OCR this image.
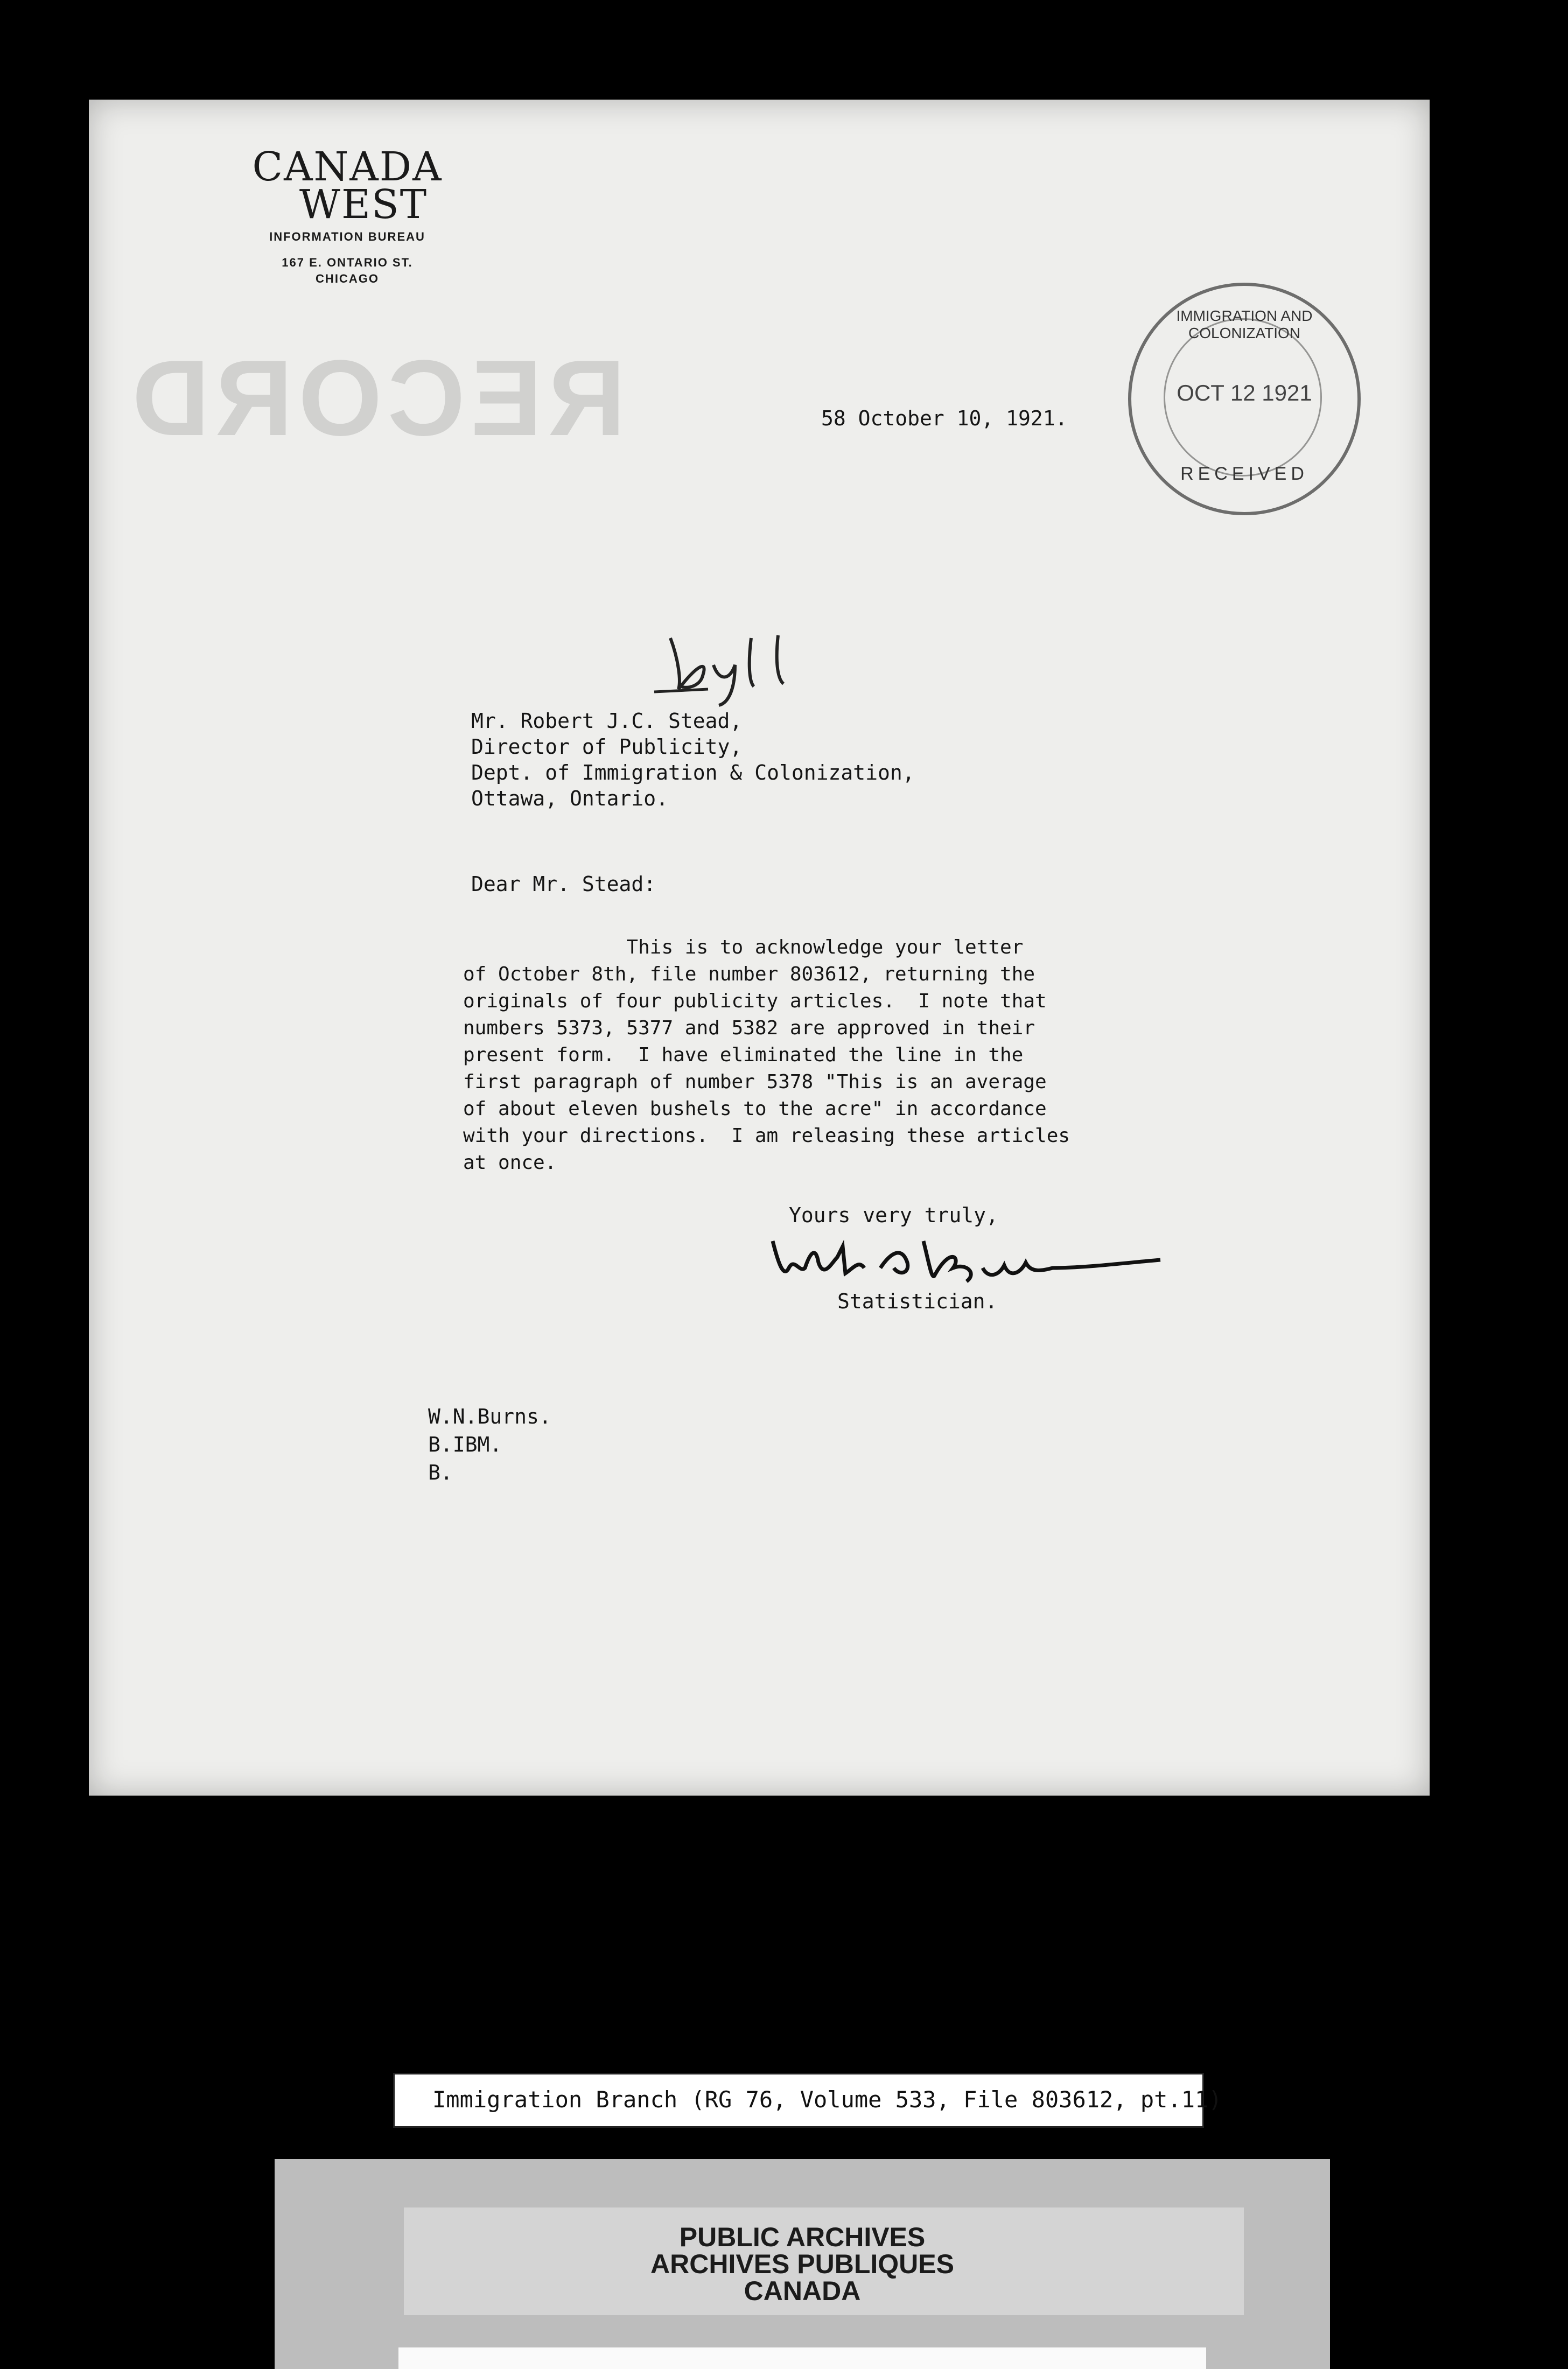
CANADA
WEST
INFORMATION BUREAU
167 E. ONTARIO ST.
CHICAGO
RECORD	58 October 10, 1921.
IMMIGRATION AND COLONIZATION
OCT 12 1921
RECEIVED
Mr. Robert J.C. Stead,
Director of Publicity,
Dept. of Immigration & Colonization,
Ottawa, Ontario.
Dear Mr. Stead:
This is to acknowledge your letter
of October 8th, file number 803612, returning the
originals of four publicity articles.  I note that
numbers 5373, 5377 and 5382 are approved in their
present form.  I have eliminated the line in the
first paragraph of number 5378 "This is an average
of about eleven bushels to the acre" in accordance
with your directions.  I am releasing these articles
at once.
Yours very truly,
Statistician.
W.N.Burns.
B.IBM.
B.
Immigration Branch (RG 76, Volume 533, File 803612, pt.11)
PUBLIC ARCHIVES
ARCHIVES PUBLIQUES
CANADA
